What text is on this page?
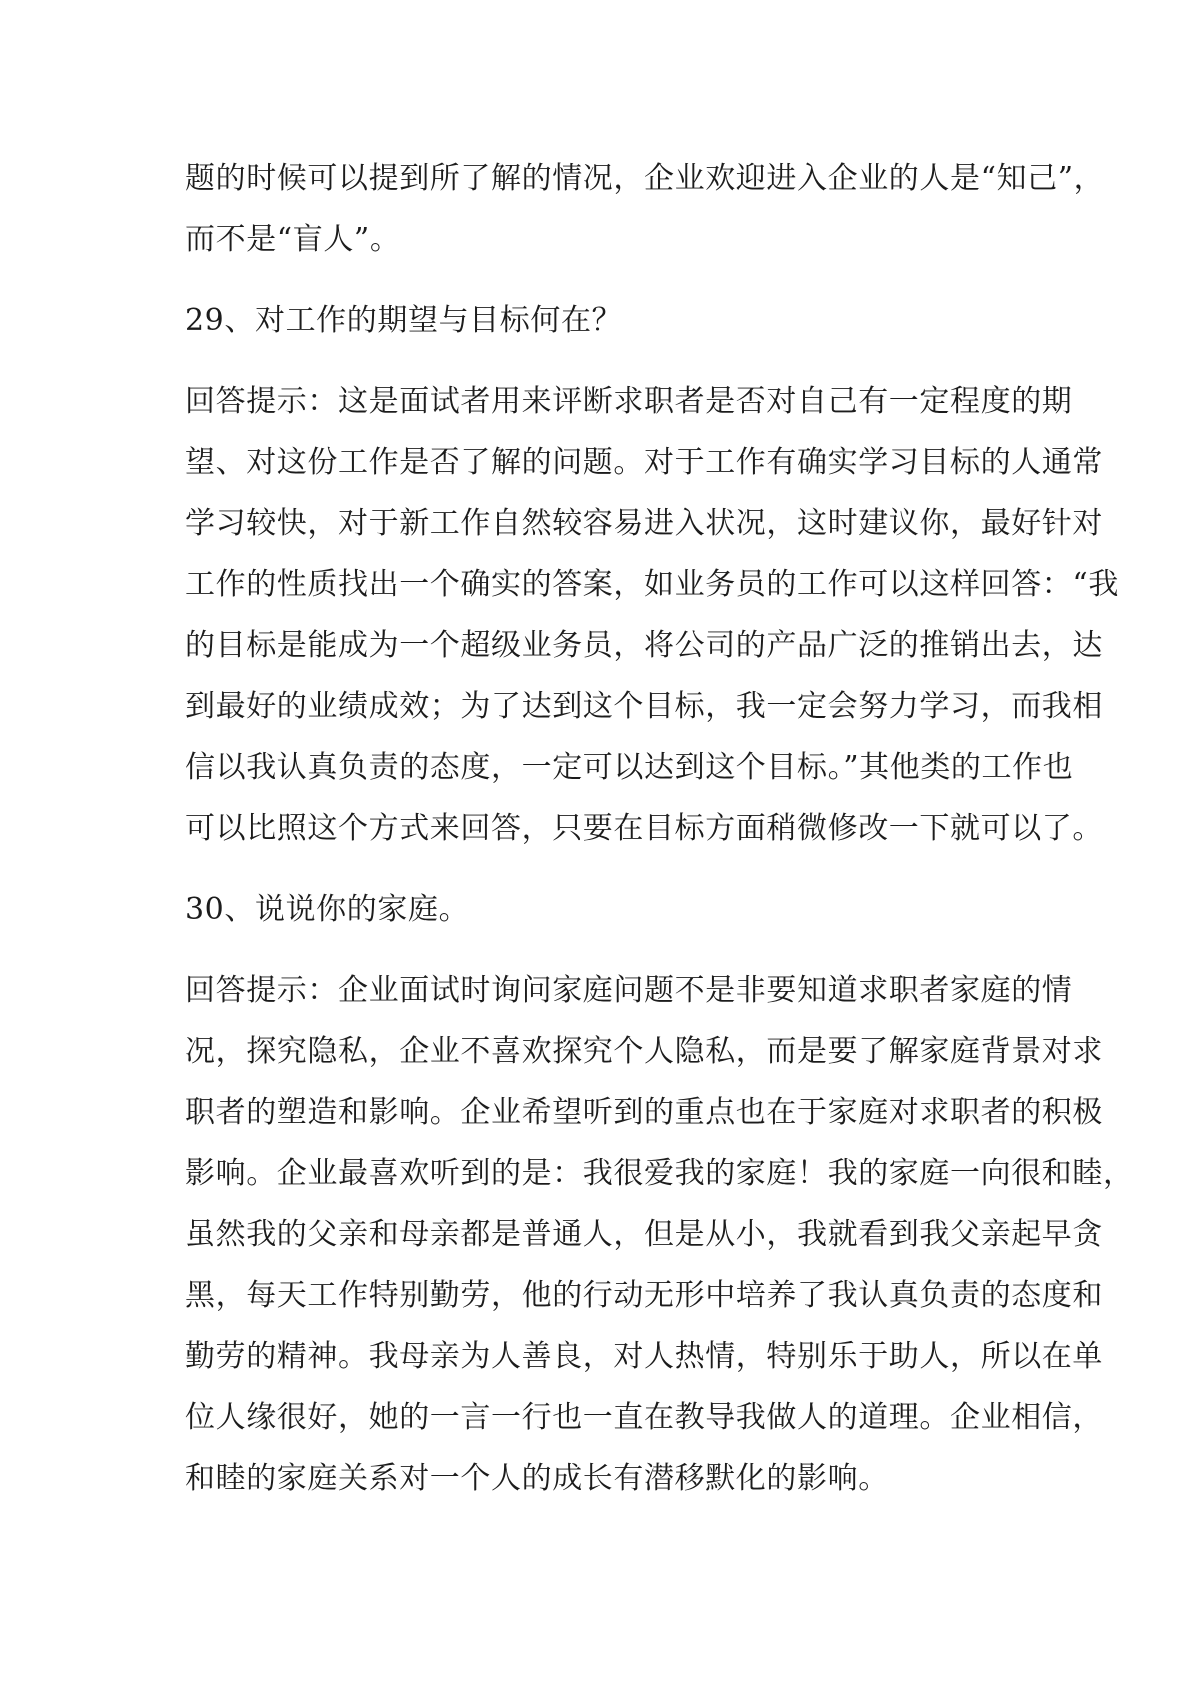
题的时候可以提到所了解的情况，企业欢迎进入企业的人是“知己”，
而不是“盲人”。
29、对工作的期望与目标何在？
回答提示：这是面试者用来评断求职者是否对自己有一定程度的期
望、对这份工作是否了解的问题。对于工作有确实学习目标的人通常
学习较快，对于新工作自然较容易进入状况，这时建议你，最好针对
工作的性质找出一个确实的答案，如业务员的工作可以这样回答：“我
的目标是能成为一个超级业务员，将公司的产品广泛的推销出去，达
到最好的业绩成效；为了达到这个目标，我一定会努力学习，而我相
信以我认真负责的态度，一定可以达到这个目标。”其他类的工作也
可以比照这个方式来回答，只要在目标方面稍微修改一下就可以了。
30、说说你的家庭。
回答提示：企业面试时询问家庭问题不是非要知道求职者家庭的情
况，探究隐私，企业不喜欢探究个人隐私，而是要了解家庭背景对求
职者的塑造和影响。企业希望听到的重点也在于家庭对求职者的积极
影响。企业最喜欢听到的是：我很爱我的家庭！我的家庭一向很和睦，
虽然我的父亲和母亲都是普通人，但是从小，我就看到我父亲起早贪
黑，每天工作特别勤劳，他的行动无形中培养了我认真负责的态度和
勤劳的精神。我母亲为人善良，对人热情，特别乐于助人，所以在单
位人缘很好，她的一言一行也一直在教导我做人的道理。企业相信，
和睦的家庭关系对一个人的成长有潜移默化的影响。
